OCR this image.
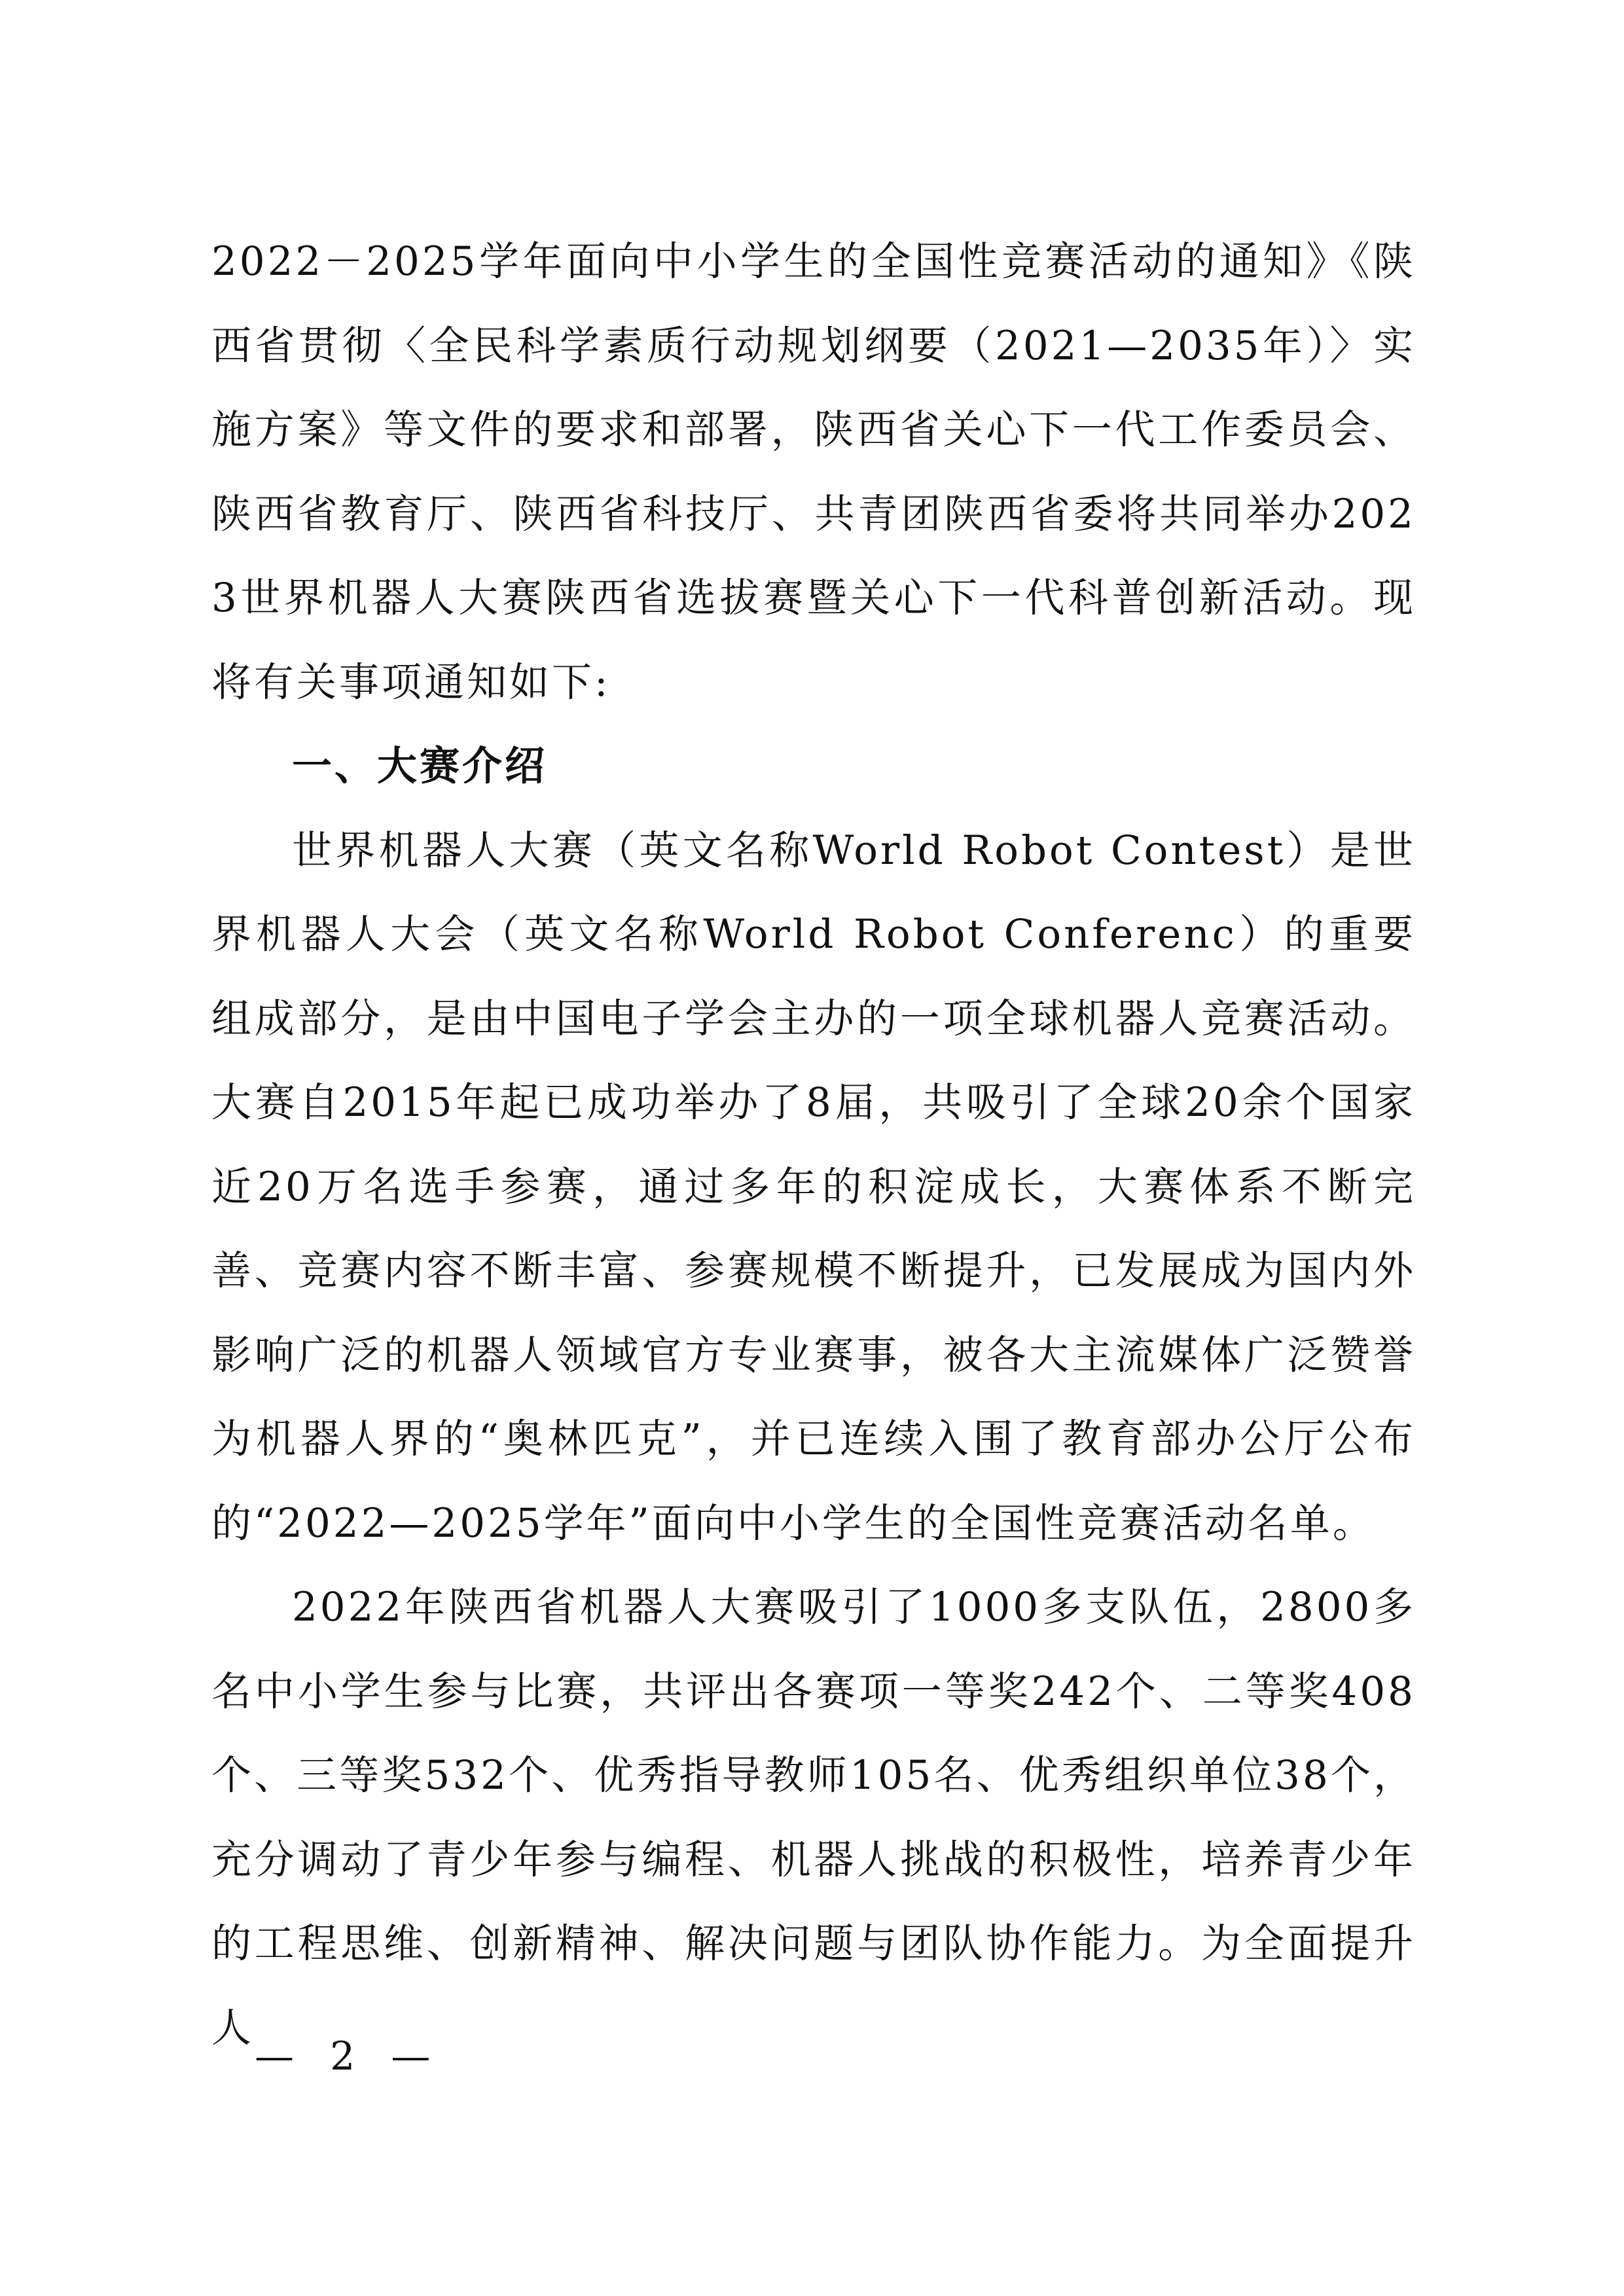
2022－2025学年面向中小学生的全国性竞赛活动的通知》《陕西省贯彻〈全民科学素质行动规划纲要（2021—2035年）〉实施方案》等文件的要求和部署，陕西省关心下一代工作委员会、陕西省教育厅、陕西省科技厅、共青团陕西省委将共同举办2023世界机器人大赛陕西省选拔赛暨关心下一代科普创新活动。现将有关事项通知如下:

一、大赛介绍

世界机器人大赛（英文名称World Robot Contest）是世界机器人大会（英文名称World Robot Conferenc）的重要组成部分，是由中国电子学会主办的一项全球机器人竞赛活动。大赛自2015年起已成功举办了8届，共吸引了全球20余个国家近20万名选手参赛，通过多年的积淀成长，大赛体系不断完善、竞赛内容不断丰富、参赛规模不断提升，已发展成为国内外影响广泛的机器人领域官方专业赛事，被各大主流媒体广泛赞誉为机器人界的“奥林匹克”，并已连续入围了教育部办公厅公布的“2022—2025学年”面向中小学生的全国性竞赛活动名单。

2022年陕西省机器人大赛吸引了1000多支队伍，2800多名中小学生参与比赛，共评出各赛项一等奖242个、二等奖408个、三等奖532个、优秀指导教师105名、优秀组织单位38个，充分调动了青少年参与编程、机器人挑战的积极性，培养青少年的工程思维、创新精神、解决问题与团队协作能力。为全面提升人

— 2 —
